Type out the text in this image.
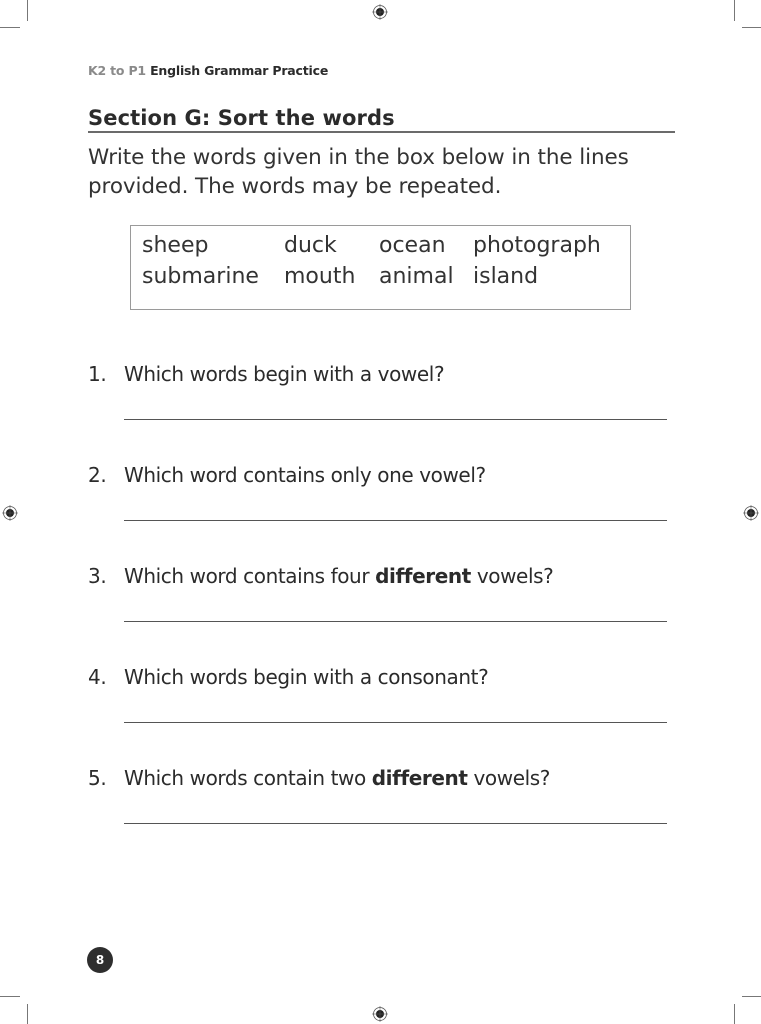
K2 to P1 English Grammar Practice
Section G: Sort the words
Write the words given in the box below in the lines provided. The words may be repeated.
sheep	duck	ocean	photograph
submarine	mouth	animal island
1. Which words begin with a vowel?
2. Which word contains only one vowel?
3. Which word contains four different vowels?
4. Which words begin with a consonant?
5. Which words contain two different vowels?
8
